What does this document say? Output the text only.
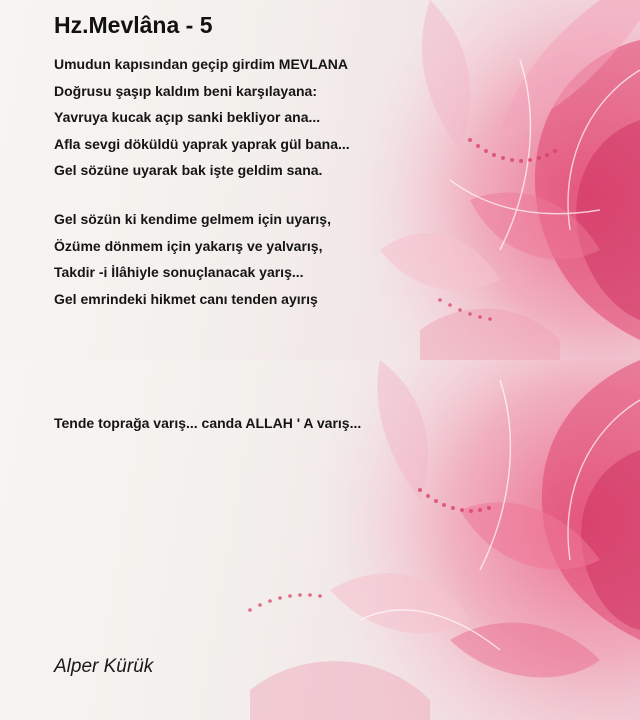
Hz.Mevlâna - 5
Umudun kapısından geçip girdim MEVLANA
Doğrusu şaşıp kaldım beni karşılayana:
Yavruya kucak açıp sanki bekliyor ana...
Afla sevgi döküldü yaprak yaprak gül bana...
Gel sözüne uyarak bak işte geldim sana.
Gel sözün ki kendime gelmem için uyarış,
Özüme dönmem için yakarış ve yalvarış,
Takdir -i İlâhiyle sonuçlanacak yarış...
Gel emrindeki hikmet canı tenden ayırış
Tende toprağa varış... canda ALLAH ' A varış...
Alper Kürük
